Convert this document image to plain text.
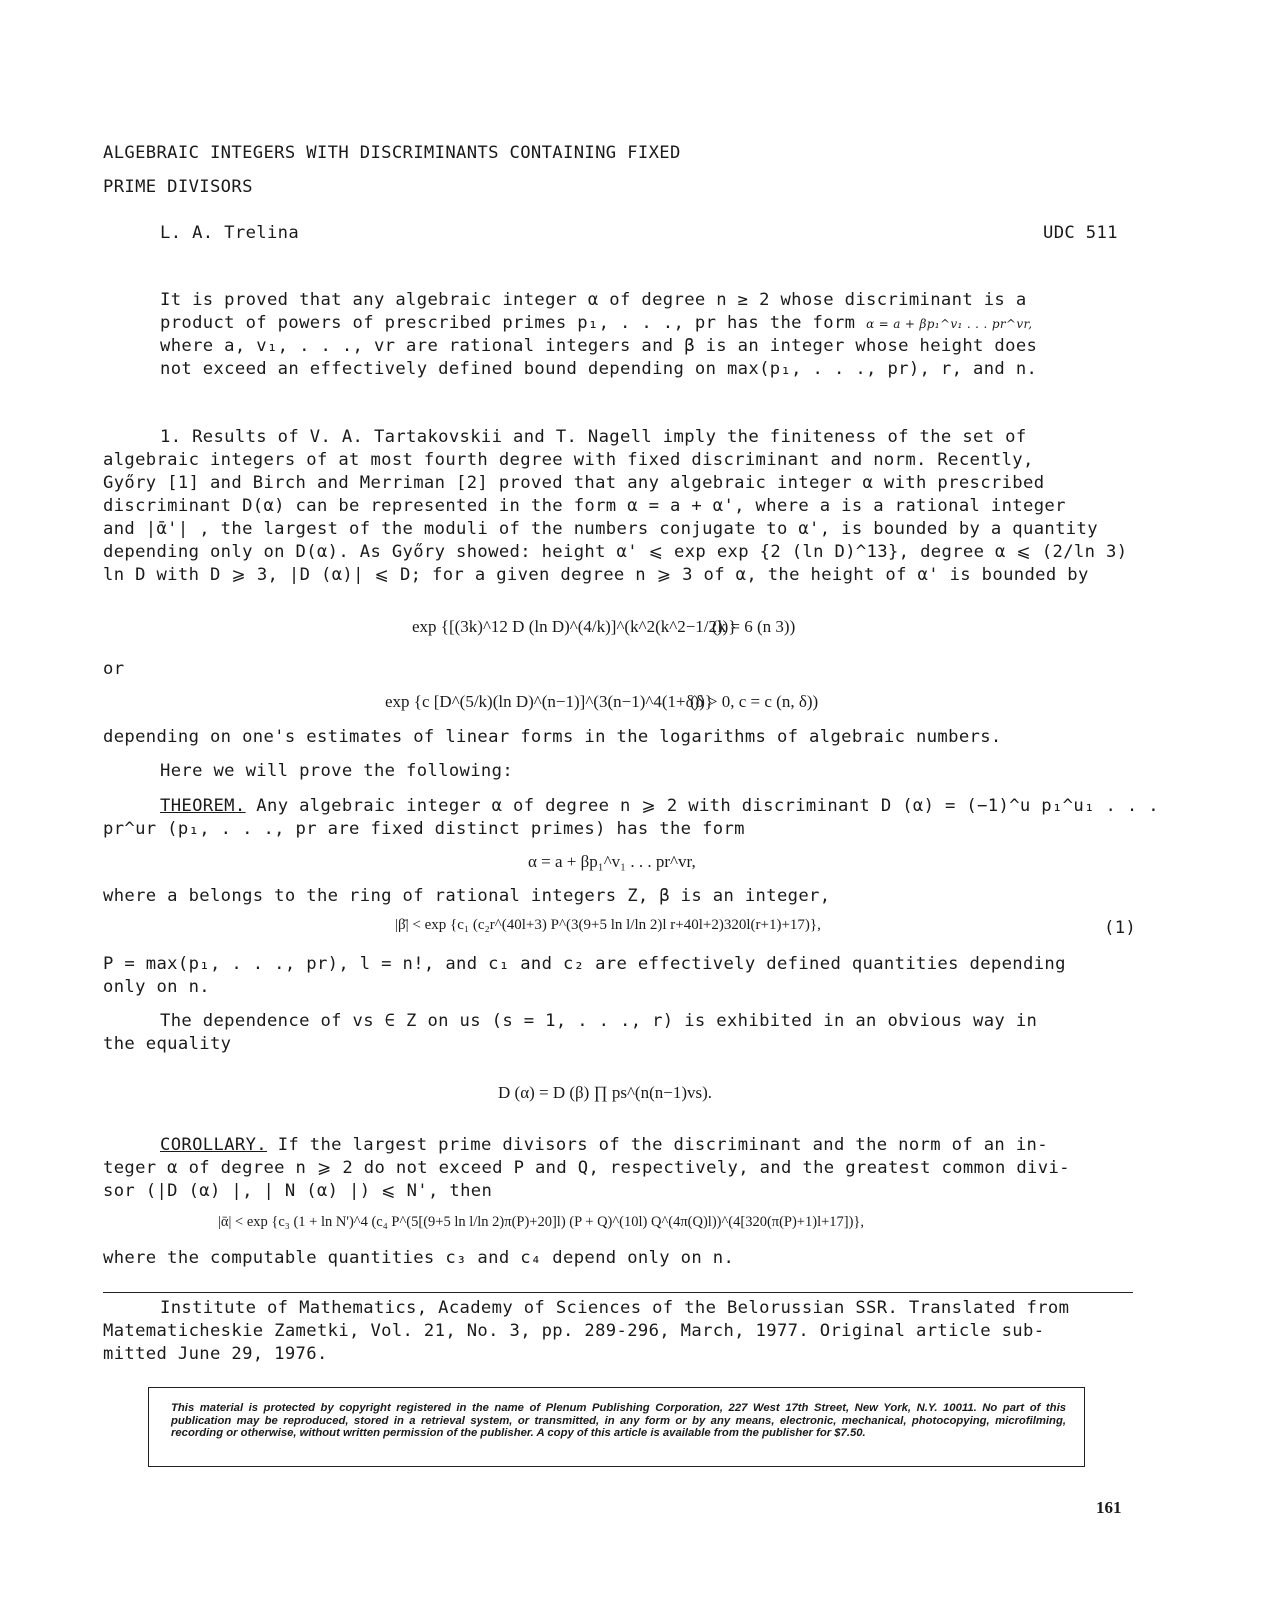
ALGEBRAIC INTEGERS WITH DISCRIMINANTS CONTAINING FIXED
PRIME DIVISORS
L. A. Trelina	UDC 511
It is proved that any algebraic integer α of degree n ≥ 2 whose discriminant is a
product of powers of prescribed primes p₁, . . ., pr has the form α = a + βp₁^v₁ . . . pr^vr,
where a, v₁, . . ., vr are rational integers and β is an integer whose height does
not exceed an effectively defined bound depending on max(p₁, . . ., pr), r, and n.
1. Results of V. A. Tartakovskii and T. Nagell imply the finiteness of the set of
algebraic integers of at most fourth degree with fixed discriminant and norm. Recently,
Győry [1] and Birch and Merriman [2] proved that any algebraic integer α with prescribed
discriminant D(α) can be represented in the form α = a + α', where a is a rational integer
and |ᾱ'| , the largest of the moduli of the numbers conjugate to α', is bounded by a quantity
depending only on D(α). As Győry showed: height α' ⩽ exp exp {2 (ln D)^13}, degree α ⩽ (2/ln 3)
ln D with D ⩾ 3, |D (α)| ⩽ D; for a given degree n ⩾ 3 of α, the height of α' is bounded by
exp {[(3k)^12 D (ln D)^(4/k)]^(k^2(k^2−1/2))}
(k = 6 (n 3))
or
exp {c [D^(5/k)(ln D)^(n−1)]^(3(n−1)^4(1+δ))}
(δ > 0, c = c (n, δ))
depending on one's estimates of linear forms in the logarithms of algebraic numbers.
Here we will prove the following:
THEOREM. Any algebraic integer α of degree n ⩾ 2 with discriminant D (α) = (−1)^u p₁^u₁ . . .
pr^ur (p₁, . . ., pr are fixed distinct primes) has the form
α = a + βp₁^v₁ . . . pr^vr,
where a belongs to the ring of rational integers Z, β is an integer,
|β̄| < exp {c₁ (c₂r^(40l+3) P^(3(9+5 ln l/ln 2)l r+40l+2)320l(r+1)+17)},	(1)
P = max(p₁, . . ., pr), l = n!, and c₁ and c₂ are effectively defined quantities depending
only on n.
The dependence of vs ∈ Z on us (s = 1, . . ., r) is exhibited in an obvious way in
the equality
D (α) = D (β) ∏ ps^(n(n−1)vs).
COROLLARY. If the largest prime divisors of the discriminant and the norm of an in-
teger α of degree n ⩾ 2 do not exceed P and Q, respectively, and the greatest common divi-
sor (|D (α) |, | N (α) |) ⩽ N', then
|ᾱ| < exp {c₃ (1 + ln N')^4 (c₄ P^(5[(9+5 ln l/ln 2)π(P)+20]l) (P + Q)^(10l) Q^(4π(Q)l))^(4[320(π(P)+1)l+17])},
where the computable quantities c₃ and c₄ depend only on n.
Institute of Mathematics, Academy of Sciences of the Belorussian SSR. Translated from
Matematicheskie Zametki, Vol. 21, No. 3, pp. 289-296, March, 1977. Original article sub-
mitted June 29, 1976.
This material is protected by copyright registered in the name of Plenum Publishing Corporation, 227 West 17th Street, New York, N.Y. 10011. No part of this publication may be reproduced, stored in a retrieval system, or transmitted, in any form or by any means, electronic, mechanical, photocopying, microfilming, recording or otherwise, without written permission of the publisher. A copy of this article is available from the publisher for $7.50.
161
